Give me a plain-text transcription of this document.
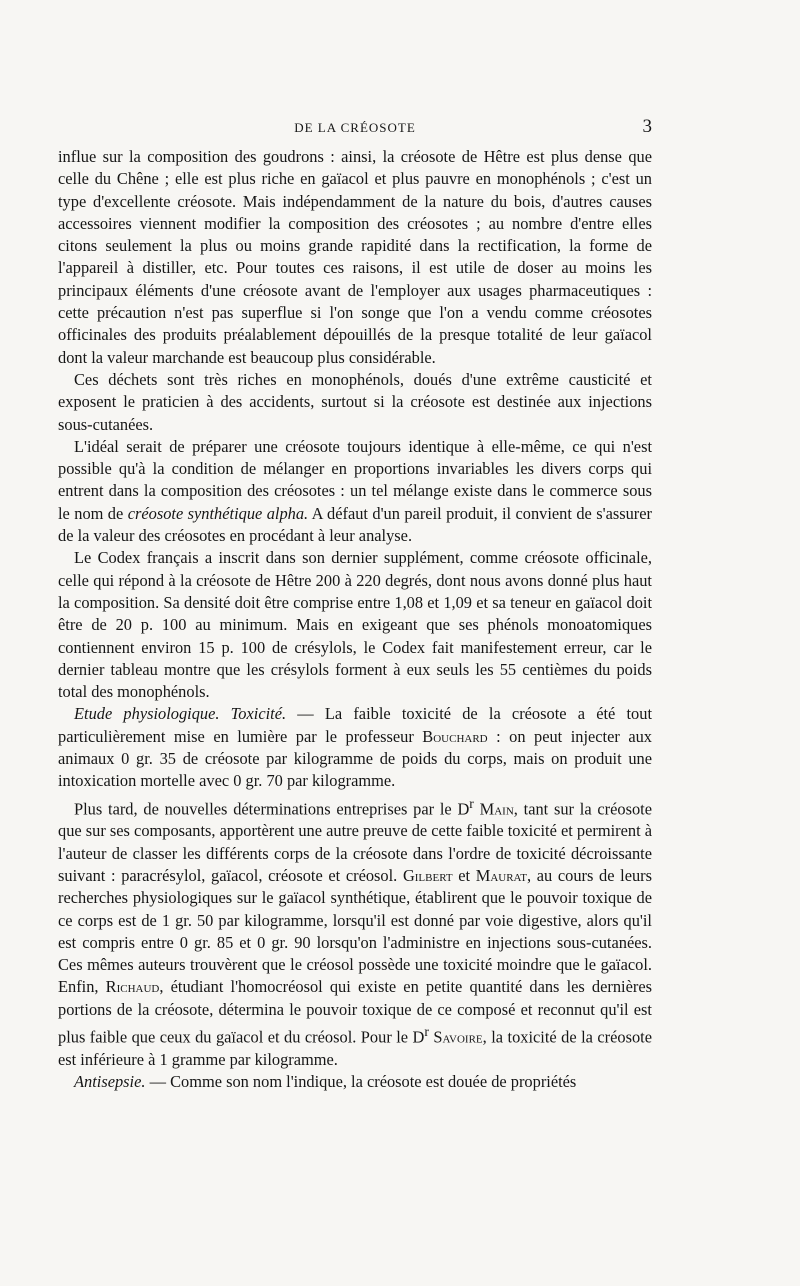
DE LA CRÉOSOTE	3

influe sur la composition des goudrons : ainsi, la créosote de Hêtre est plus dense que celle du Chêne ; elle est plus riche en gaïacol et plus pauvre en monophénols ; c'est un type d'excellente créosote. Mais indépendamment de la nature du bois, d'autres causes accessoires viennent modifier la composition des créosotes ; au nombre d'entre elles citons seulement la plus ou moins grande rapidité dans la rectification, la forme de l'appareil à distiller, etc. Pour toutes ces raisons, il est utile de doser au moins les principaux éléments d'une créosote avant de l'employer aux usages pharmaceutiques : cette précaution n'est pas superflue si l'on songe que l'on a vendu comme créosotes officinales des produits préalablement dépouillés de la presque totalité de leur gaïacol dont la valeur marchande est beaucoup plus considérable.

Ces déchets sont très riches en monophénols, doués d'une extrême causticité et exposent le praticien à des accidents, surtout si la créosote est destinée aux injections sous-cutanées.

L'idéal serait de préparer une créosote toujours identique à elle-même, ce qui n'est possible qu'à la condition de mélanger en proportions invariables les divers corps qui entrent dans la composition des créosotes : un tel mélange existe dans le commerce sous le nom de créosote synthétique alpha. A défaut d'un pareil produit, il convient de s'assurer de la valeur des créosotes en procédant à leur analyse.

Le Codex français a inscrit dans son dernier supplément, comme créosote officinale, celle qui répond à la créosote de Hêtre 200 à 220 degrés, dont nous avons donné plus haut la composition. Sa densité doit être comprise entre 1,08 et 1,09 et sa teneur en gaïacol doit être de 20 p. 100 au minimum. Mais en exigeant que ses phénols monoatomiques contiennent environ 15 p. 100 de crésylols, le Codex fait manifestement erreur, car le dernier tableau montre que les crésylols forment à eux seuls les 55 centièmes du poids total des monophénols.

Etude physiologique. Toxicité. — La faible toxicité de la créosote a été tout particulièrement mise en lumière par le professeur Bouchard : on peut injecter aux animaux 0 gr. 35 de créosote par kilogramme de poids du corps, mais on produit une intoxication mortelle avec 0 gr. 70 par kilogramme.

Plus tard, de nouvelles déterminations entreprises par le $D^r$ Main, tant sur la créosote que sur ses composants, apportèrent une autre preuve de cette faible toxicité et permirent à l'auteur de classer les différents corps de la créosote dans l'ordre de toxicité décroissante suivant : paracrésylol, gaïacol, créosote et créosol. Gilbert et Maurat, au cours de leurs recherches physiologiques sur le gaïacol synthétique, établirent que le pouvoir toxique de ce corps est de 1 gr. 50 par kilogramme, lorsqu'il est donné par voie digestive, alors qu'il est compris entre 0 gr. 85 et 0 gr. 90 lorsqu'on l'administre en injections sous-cutanées. Ces mêmes auteurs trouvèrent que le créosol possède une toxicité moindre que le gaïacol. Enfin, Richaud, étudiant l'homocréosol qui existe en petite quantité dans les dernières portions de la créosote, détermina le pouvoir toxique de ce composé et reconnut qu'il est plus faible que ceux du gaïacol et du créosol. Pour le $D^r$ Savoire, la toxicité de la créosote est inférieure à 1 gramme par kilogramme.

Antisepsie. — Comme son nom l'indique, la créosote est douée de propriétés
